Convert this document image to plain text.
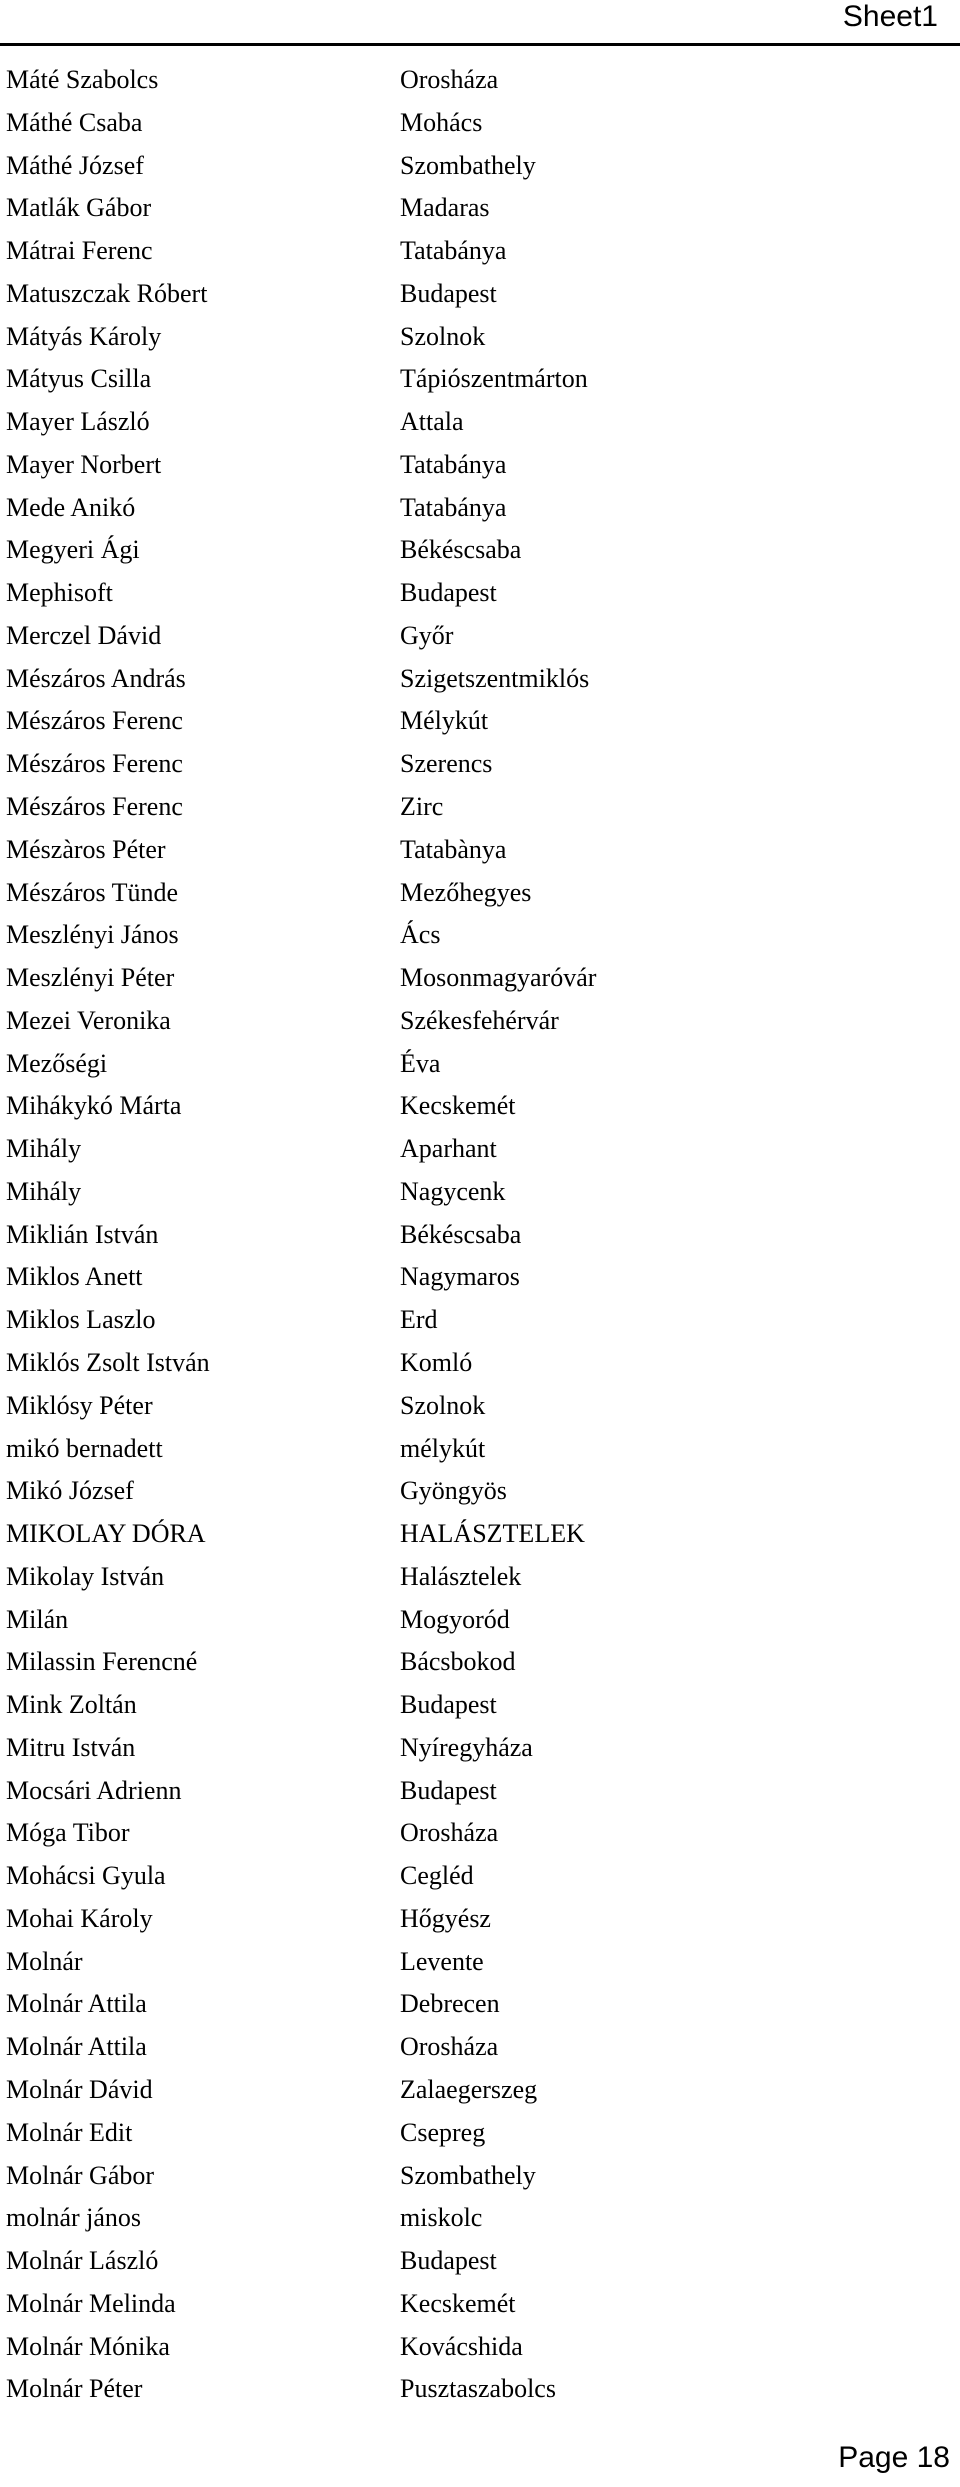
Sheet1
Máté Szabolcs	Orosháza
Máthé Csaba	Mohács
Máthé József	Szombathely
Matlák Gábor	Madaras
Mátrai Ferenc	Tatabánya
Matuszczak Róbert	Budapest
Mátyás Károly	Szolnok
Mátyus Csilla	Tápiószentmárton
Mayer László	Attala
Mayer Norbert	Tatabánya
Mede Anikó	Tatabánya
Megyeri Ági	Békéscsaba
Mephisoft	Budapest
Merczel Dávid	Győr
Mészáros András	Szigetszentmiklós
Mészáros Ferenc	Mélykút
Mészáros Ferenc	Szerencs
Mészáros Ferenc	Zirc
Mészàros Péter	Tatabànya
Mészáros Tünde	Mezőhegyes
Meszlényi János	Ács
Meszlényi Péter	Mosonmagyaróvár
Mezei Veronika	Székesfehérvár
Mezőségi	Éva
Mihákykó Márta	Kecskemét
Mihály	Aparhant
Mihály	Nagycenk
Miklián István	Békéscsaba
Miklos Anett	Nagymaros
Miklos Laszlo	Erd
Miklós Zsolt István	Komló
Miklósy Péter	Szolnok
mikó bernadett	mélykút
Mikó József	Gyöngyös
MIKOLAY DÓRA	HALÁSZTELEK
Mikolay István	Halásztelek
Milán	Mogyoród
Milassin Ferencné	Bácsbokod
Mink Zoltán	Budapest
Mitru István	Nyíregyháza
Mocsári Adrienn	Budapest
Móga Tibor	Orosháza
Mohácsi Gyula	Cegléd
Mohai Károly	Hőgyész
Molnár	Levente
Molnár Attila	Debrecen
Molnár Attila	Orosháza
Molnár Dávid	Zalaegerszeg
Molnár Edit	Csepreg
Molnár Gábor	Szombathely
molnár jános	miskolc
Molnár László	Budapest
Molnár Melinda	Kecskemét
Molnár Mónika	Kovácshida
Molnár Péter	Pusztaszabolcs
Page 18
